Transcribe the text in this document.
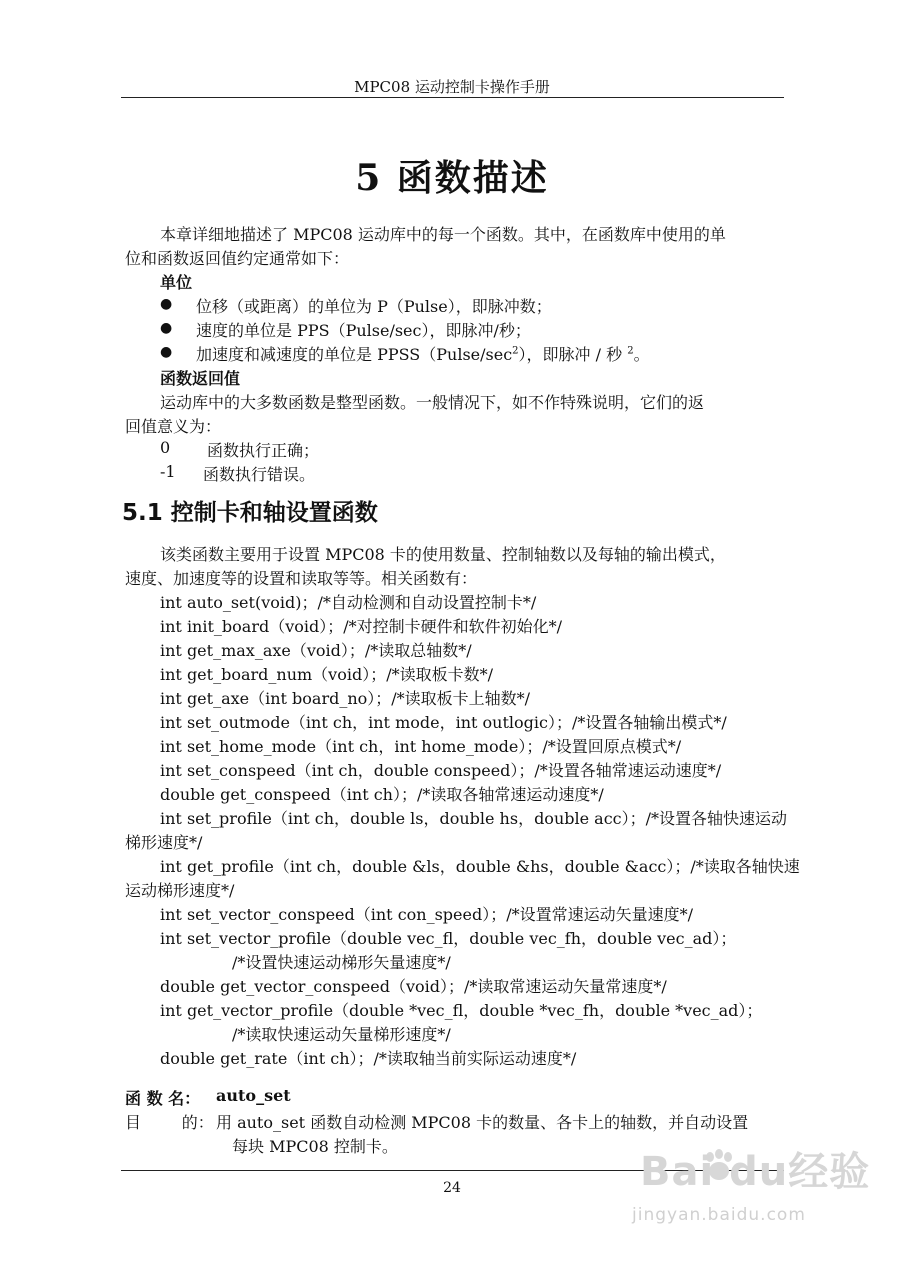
MPC08 运动控制卡操作手册
5 函数描述
本章详细地描述了 MPC08 运动库中的每一个函数。其中，在函数库中使用的单
位和函数返回值约定通常如下：
单位
● 位移（或距离）的单位为 P（Pulse），即脉冲数；
● 速度的单位是 PPS（Pulse/sec），即脉冲/秒；
● 加速度和减速度的单位是 $PPSS(Pulse/\sec^2)$，即脉冲 / 秒 $^2$。
函数返回值
运动库中的大多数函数是整型函数。一般情况下，如不作特殊说明，它们的返
回值意义为：
0 函数执行正确；
-1 函数执行错误。
5.1 控制卡和轴设置函数
该类函数主要用于设置 MPC08 卡的使用数量、控制轴数以及每轴的输出模式，
速度、加速度等的设置和读取等等。相关函数有：
int auto_set(void)；/*自动检测和自动设置控制卡*/
int init_board（void）；/*对控制卡硬件和软件初始化*/
int get_max_axe（void）；/*读取总轴数*/
int get_board_num（void）；/*读取板卡数*/
int get_axe（int board_no）；/*读取板卡上轴数*/
int set_outmode（int ch，int mode，int outlogic）；/*设置各轴输出模式*/
int set_home_mode（int ch，int home_mode）；/*设置回原点模式*/
int set_conspeed（int ch，double conspeed）；/*设置各轴常速运动速度*/
double get_conspeed（int ch）；/*读取各轴常速运动速度*/
int set_profile（int ch，double ls，double hs，double acc）；/*设置各轴快速运动
梯形速度*/
int get_profile（int ch，double &ls，double &hs，double &acc）；/*读取各轴快速
运动梯形速度*/
int set_vector_conspeed（int con_speed）；/*设置常速运动矢量速度*/
int set_vector_profile（double vec_fl，double vec_fh，double vec_ad）；
/*设置快速运动梯形矢量速度*/
double get_vector_conspeed（void）；/*读取常速运动矢量常速度*/
int get_vector_profile（double *vec_fl，double *vec_fh，double *vec_ad）；
/*读取快速运动矢量梯形速度*/
double get_rate（int ch）；/*读取轴当前实际运动速度*/
函 数 名： auto_set
目        的： 用 auto_set 函数自动检测 MPC08 卡的数量、各卡上的轴数，并自动设置
每块 MPC08 控制卡。
24	Bai du经验
jingyan.baidu.com
